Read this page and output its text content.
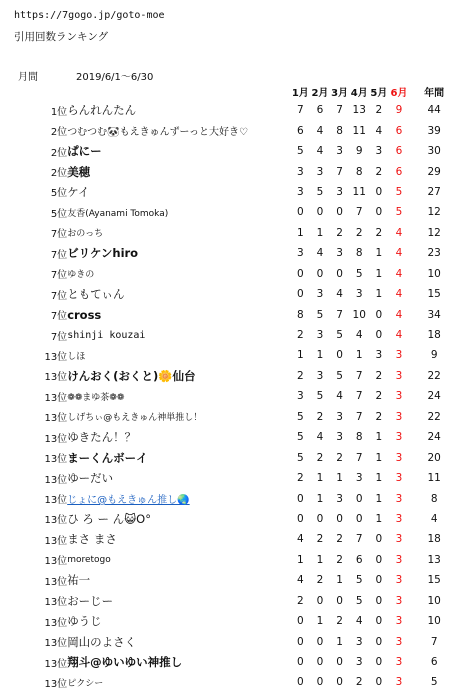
https://7gogo.jp/goto-moe
引用回数ランキング
月間	2019/6/1～6/30
		1月	2月	3月	4月	5月	6月	年間
1位	らんれんたん	7	6	7	13	2	9	44
2位	つむつむ🐼もえきゅんずーっと大好き♡	6	4	8	11	4	6	39
2位	ぱにー	5	4	3	9	3	6	30
2位	美穂	3	3	7	8	2	6	29
5位	ケイ	3	5	3	11	0	5	27
5位	友香(Ayanami Tomoka)	0	0	0	7	0	5	12
7位	おのっち	1	1	2	2	2	4	12
7位	ビリケンhiro	3	4	3	8	1	4	23
7位	ゆきの	0	0	0	5	1	4	10
7位	ともてぃん	0	3	4	3	1	4	15
7位	cross	8	5	7	10	0	4	34
7位	shinji kouzai	2	3	5	4	0	4	18
13位	しほ	1	1	0	1	3	3	9
13位	けんおく(おくと)🌼仙台	2	3	5	7	2	3	22
13位	❁❁まゆ茶❁❁	3	5	4	7	2	3	24
13位	しげちぃ@もえきゅん神単推し！	5	2	3	7	2	3	22
13位	ゆきたん！？	5	4	3	8	1	3	24
13位	まーくんボーイ	5	2	2	7	1	3	20
13位	ゆーだい	2	1	1	3	1	3	11
13位	じょに@もえきゅん推し🌏	0	1	3	0	1	3	8
13位	ひ ろ ー ん😺O°	0	0	0	0	1	3	4
13位	まさ まさ	4	2	2	7	0	3	18
13位	moretogo	1	1	2	6	0	3	13
13位	祐一	4	2	1	5	0	3	15
13位	おーじー	2	0	0	5	0	3	10
13位	ゆうじ	0	1	2	4	0	3	10
13位	岡山のよさく	0	0	1	3	0	3	7
13位	翔斗@ゆいゆい神推し	0	0	0	3	0	3	6
13位	ピクシー	0	0	0	2	0	3	5
